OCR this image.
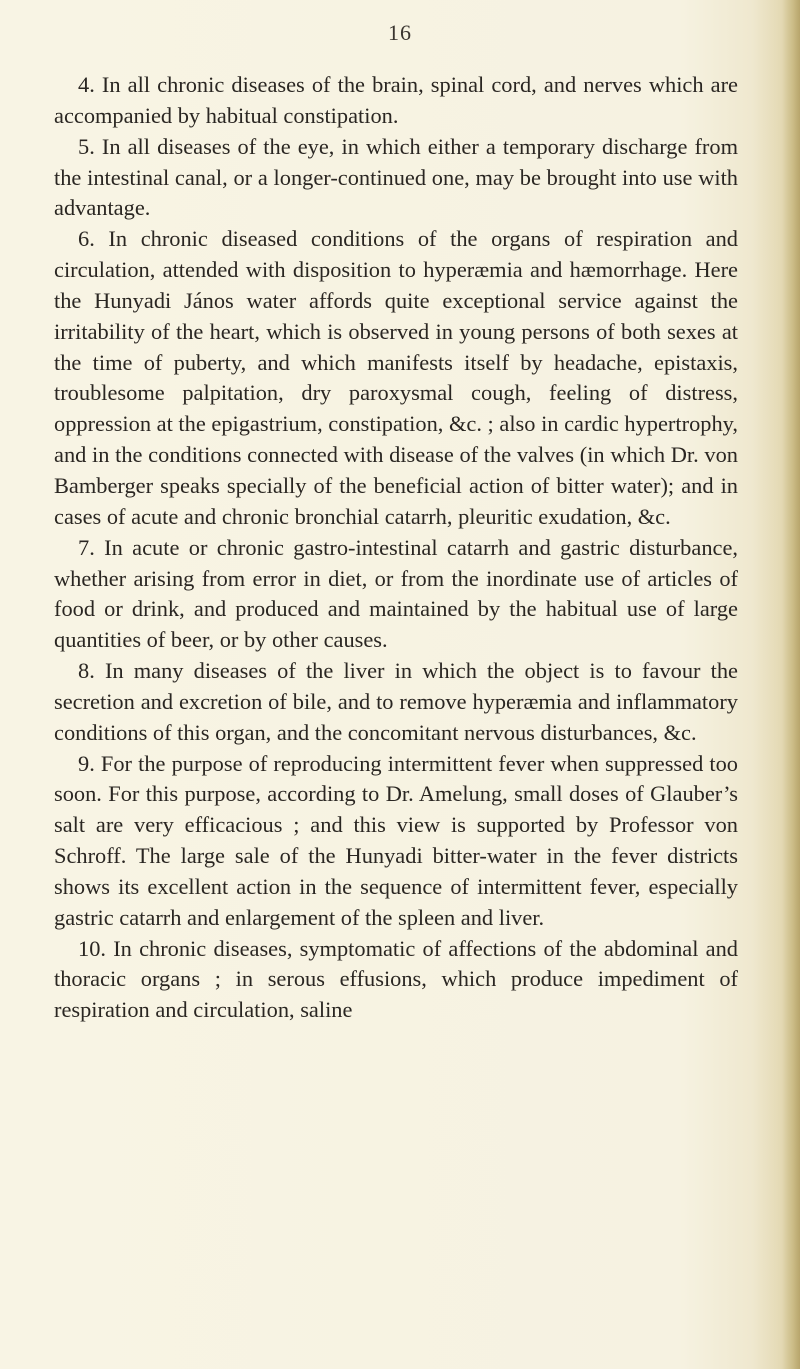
16

4. In all chronic diseases of the brain, spinal cord, and nerves which are accompanied by habitual constipation.

5. In all diseases of the eye, in which either a temporary discharge from the intestinal canal, or a longer-continued one, may be brought into use with advantage.

6. In chronic diseased conditions of the organs of respiration and circulation, attended with disposition to hyperæmia and hæmorrhage. Here the Hunyadi János water affords quite exceptional service against the irritability of the heart, which is observed in young persons of both sexes at the time of puberty, and which manifests itself by headache, epistaxis, troublesome palpitation, dry paroxysmal cough, feeling of distress, oppression at the epigastrium, constipation, &c. ; also in cardic hypertrophy, and in the conditions connected with disease of the valves (in which Dr. von Bamberger speaks specially of the beneficial action of bitter water); and in cases of acute and chronic bronchial catarrh, pleuritic exudation, &c.

7. In acute or chronic gastro-intestinal catarrh and gastric disturbance, whether arising from error in diet, or from the inordinate use of articles of food or drink, and produced and maintained by the habitual use of large quantities of beer, or by other causes.

8. In many diseases of the liver in which the object is to favour the secretion and excretion of bile, and to remove hyperæmia and inflammatory conditions of this organ, and the concomitant nervous disturbances, &c.

9. For the purpose of reproducing intermittent fever when suppressed too soon. For this purpose, according to Dr. Amelung, small doses of Glauber’s salt are very efficacious ; and this view is supported by Professor von Schroff. The large sale of the Hunyadi bitter-water in the fever districts shows its excellent action in the sequence of intermittent fever, especially gastric catarrh and enlargement of the spleen and liver.

10. In chronic diseases, symptomatic of affections of the abdominal and thoracic organs ; in serous effusions, which produce impediment of respiration and circulation, saline
